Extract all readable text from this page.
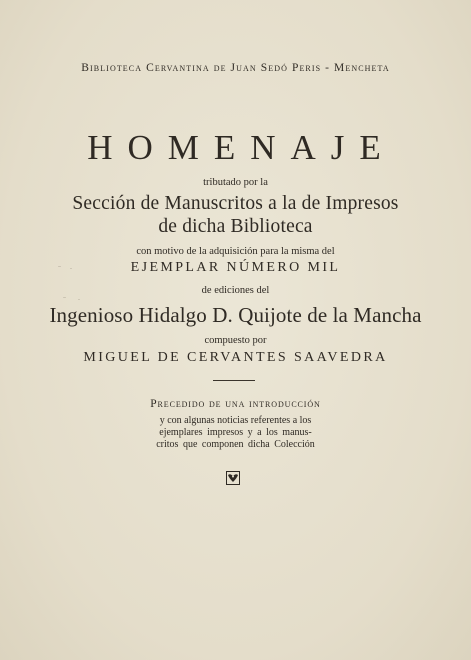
Biblioteca Cervantina de Juan Sedó Peris - Mencheta
HOMENAJE
tributado por la
Sección de Manuscritos a la de Impresos
de dicha Biblioteca
con motivo de la adquisición para la misma del
EJEMPLAR NÚMERO MIL
de ediciones del
Ingenioso Hidalgo D. Quijote de la Mancha
compuesto por
MIGUEL DE CERVANTES SAAVEDRA
Precedido de una introducción
y con algunas noticias referentes a los
ejemplares impresos y a los manus-
critos que componen dicha Colección
